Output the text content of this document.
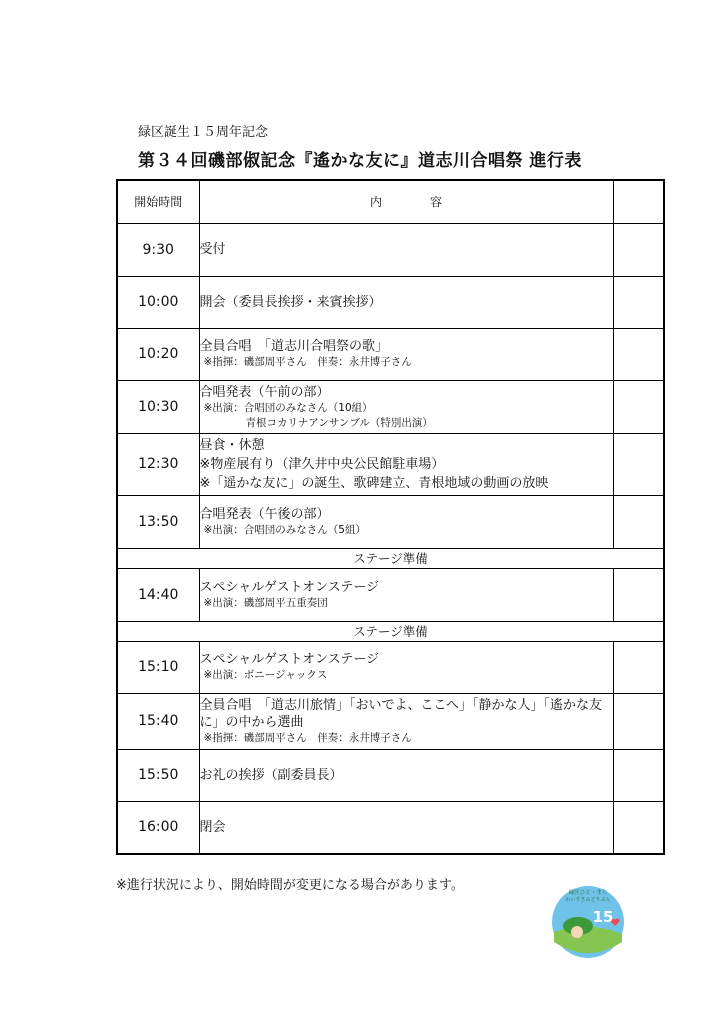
緑区誕生１５周年記念
第３４回磯部俶記念『遙かな友に』道志川合唱祭 進行表
開始時間	内　　　　容	
9:30	受付	

10:00	開会（委員長挨拶・来賓挨拶）	

10:20	全員合唱　「道志川合唱祭の歌」
※指揮：磯部周平さん　伴奏：永井博子さん	

10:30	合唱発表（午前の部）
※出演：合唱団のみなさん（10組）
青根コカリナアンサンブル（特別出演）	

12:30	昼食・休憩
※物産展有り（津久井中央公民館駐車場）
※「遥かな友に」の誕生、歌碑建立、青根地域の動画の放映	

13:50	合唱発表（午後の部）
※出演：合唱団のみなさん（5組）	

ステージ準備		
14:40	スペシャルゲストオンステージ
※出演：磯部周平五重奏団	

ステージ準備		
15:10	スペシャルゲストオンステージ
※出演：ボニージャックス	

15:40	全員合唱　「道志川旅情」「おいでよ、ここへ」「静かな人」「遙かな友に」の中から選曲
※指揮：磯部周平さん　伴奏：永井博子さん	

15:50	お礼の挨拶（副委員長）	

16:00	閉会	

※進行状況により、開始時間が変更になる場合があります。	緑区ひと・まち
わいすきみどりぶん
15
